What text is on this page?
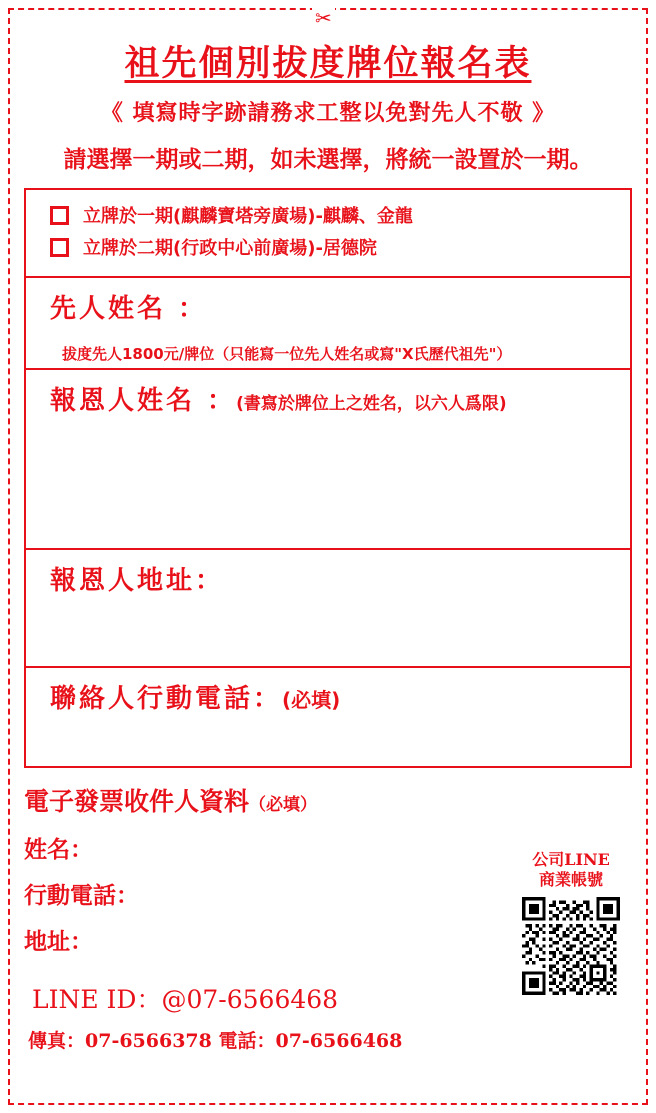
✂
祖先個別拔度牌位報名表
《 填寫時字跡請務求工整以免對先人不敬 》
請選擇一期或二期，如未選擇，將統一設置於一期。
立牌於一期(麒麟寶塔旁廣場)-麒麟、金龍
立牌於二期(行政中心前廣場)-居德院
先人姓名 ：
拔度先人1800元/牌位（只能寫一位先人姓名或寫"X氏歷代祖先"）
報恩人姓名 ： (書寫於牌位上之姓名，以六人爲限)
報恩人地址：
聯絡人行動電話： (必填)
電子發票收件人資料（必填）
姓名：
行動電話：
地址：
公司LINE
商業帳號
LINE ID：@07-6566468
傳真：07-6566378 電話：07-6566468
